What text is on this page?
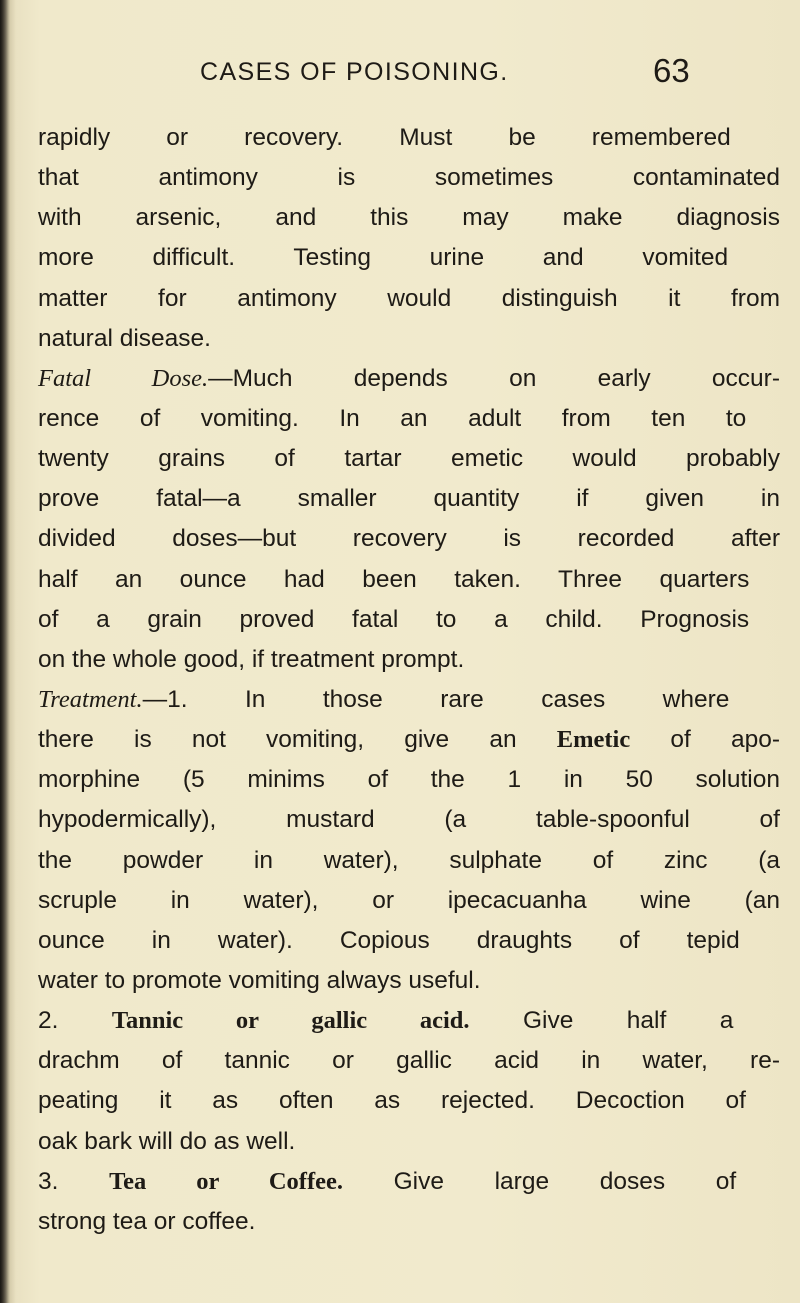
CASES OF POISONING.	63
rapidly or recovery. Must be remembered
that antimony is sometimes contaminated
with arsenic, and this may make diagnosis
more difficult. Testing urine and vomited
matter for antimony would distinguish it from
natural disease.
Fatal Dose.—Much depends on early occur-
rence of vomiting. In an adult from ten to
twenty grains of tartar emetic would probably
prove fatal—a smaller quantity if given in
divided doses—but recovery is recorded after
half an ounce had been taken. Three quarters
of a grain proved fatal to a child. Prognosis
on the whole good, if treatment prompt.
Treatment.—1. In those rare cases where
there is not vomiting, give an Emetic of apo-
morphine (5 minims of the 1 in 50 solution
hypodermically), mustard (a table-spoonful of
the powder in water), sulphate of zinc (a
scruple in water), or ipecacuanha wine (an
ounce in water). Copious draughts of tepid
water to promote vomiting always useful.
2. Tannic or gallic acid. Give half a
drachm of tannic or gallic acid in water, re-
peating it as often as rejected. Decoction of
oak bark will do as well.
3. Tea or Coffee. Give large doses of
strong tea or coffee.
